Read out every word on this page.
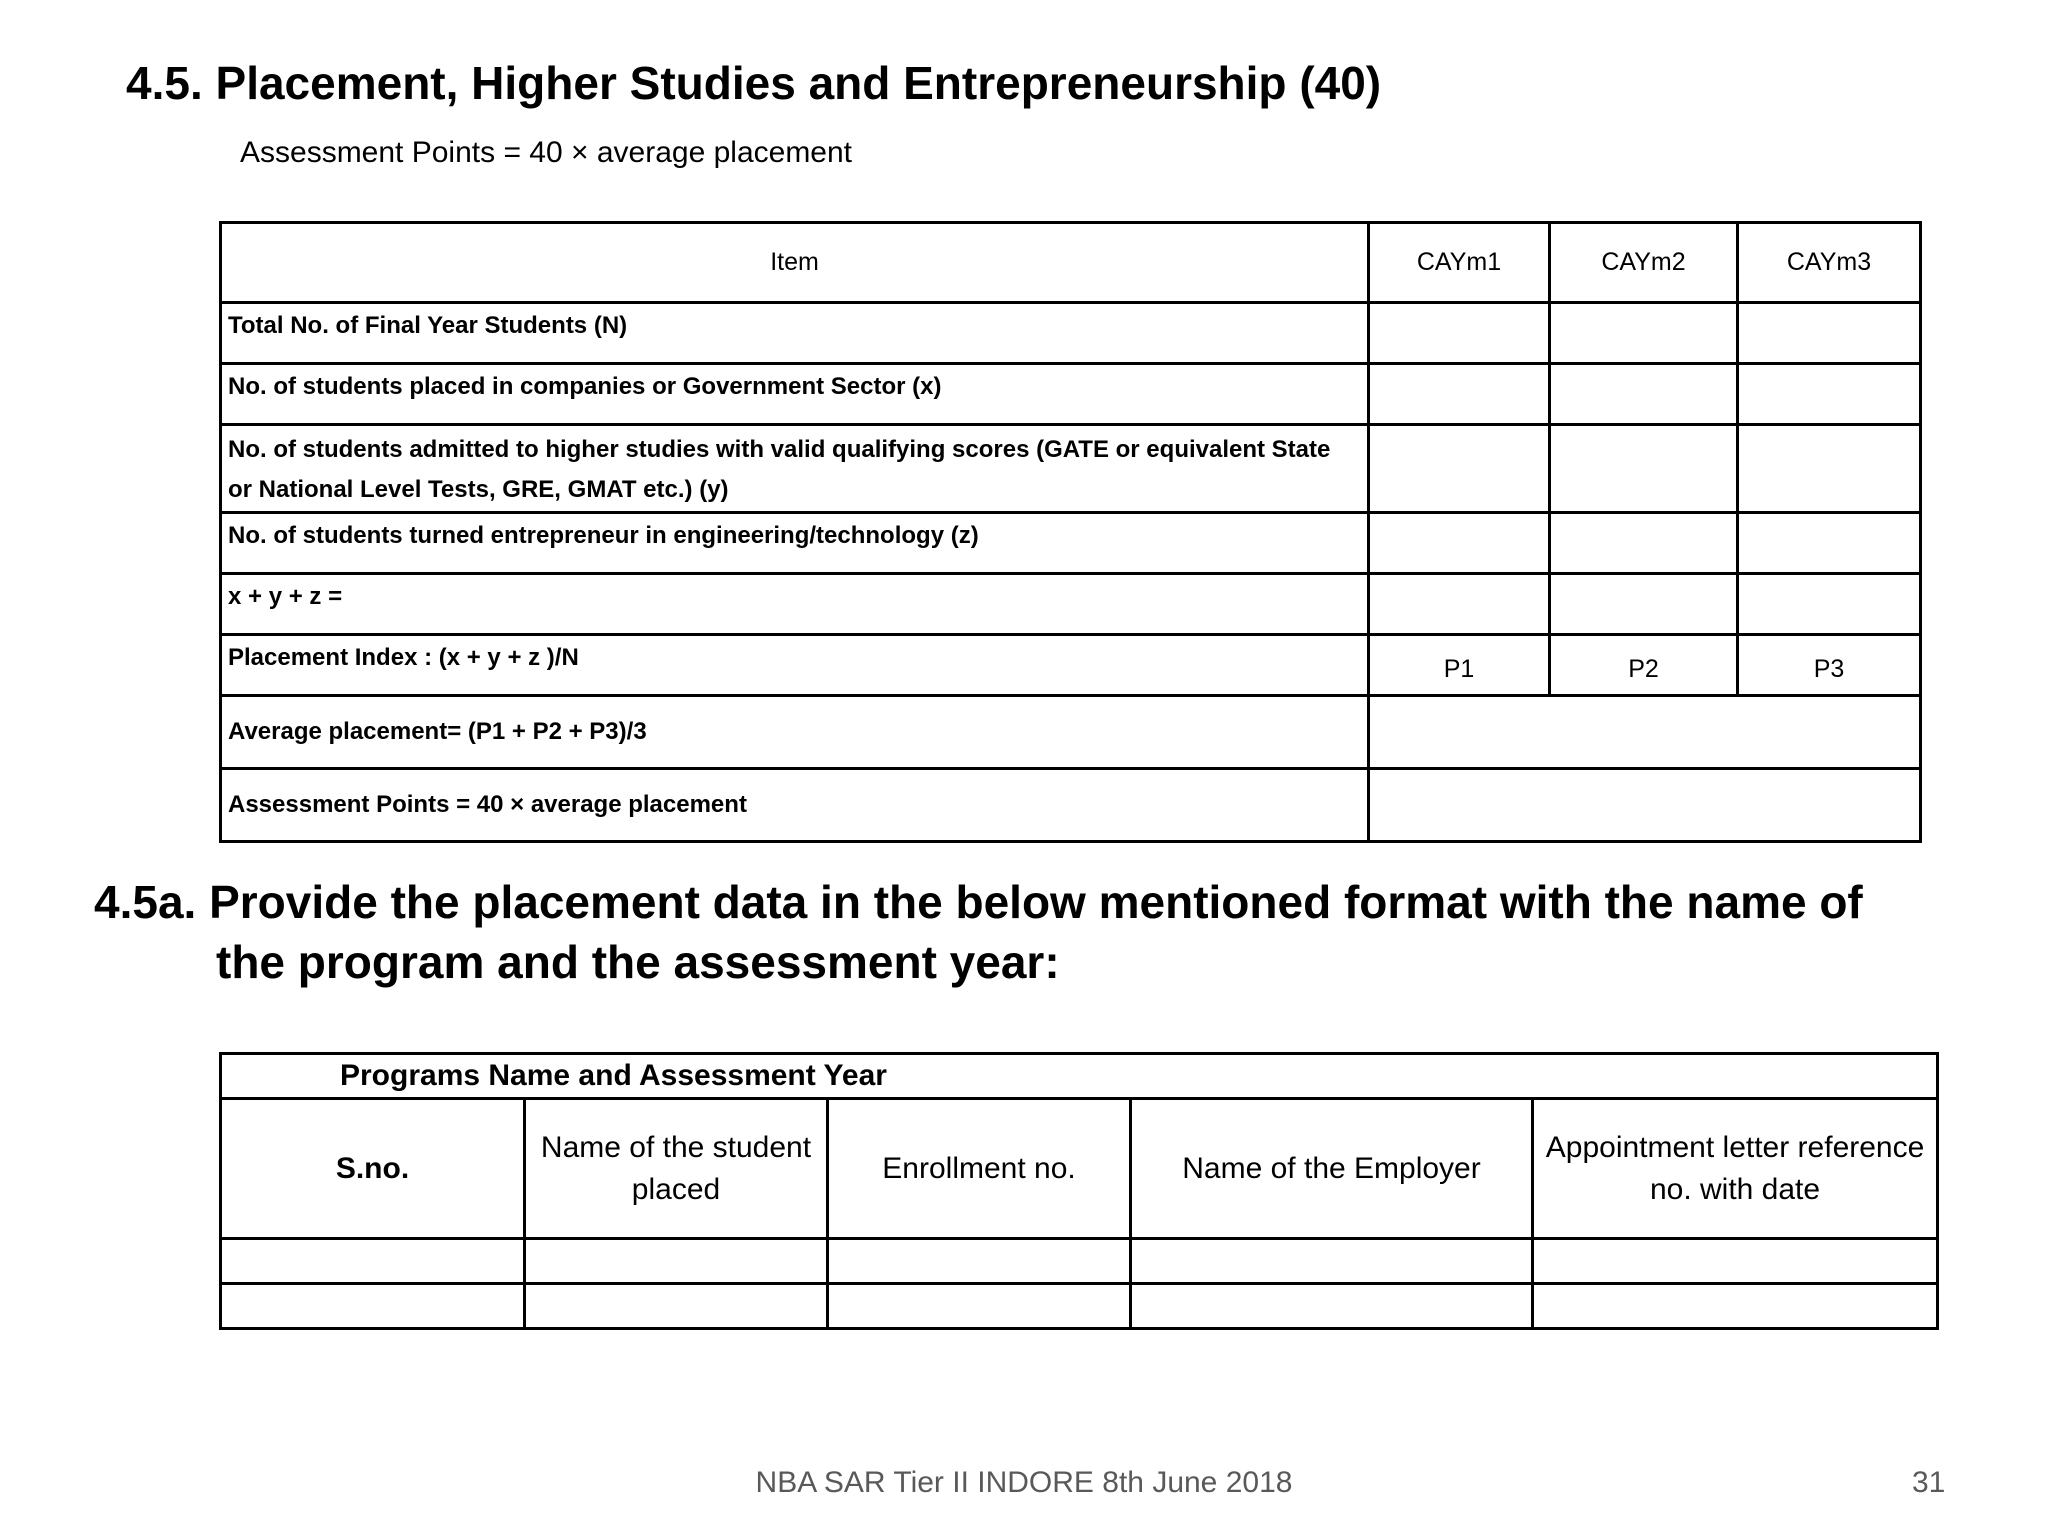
4.5. Placement, Higher Studies and Entrepreneurship (40)
Assessment Points = 40 × average placement
Item	CAYm1	CAYm2	CAYm3
Total No. of Final Year Students (N)			
No. of students placed in companies or Government Sector (x)			
No. of students admitted to higher studies with valid qualifying scores (GATE or equivalent State or National Level Tests, GRE, GMAT etc.) (y)			
No. of students turned entrepreneur in engineering/technology (z)			
x + y + z =			
Placement Index : (x + y + z )/N	P1	P2	P3
Average placement= (P1 + P2 + P3)/3			
Assessment Points = 40 × average placement			
4.5a. Provide the placement data in the below mentioned format with the name of
the program and the assessment year:
Programs Name and Assessment Year				
S.no.	Name of the student placed	Enrollment no.	Name of the Employer	Appointment letter reference no. with date

NBA SAR Tier II INDORE 8th June 2018	31
